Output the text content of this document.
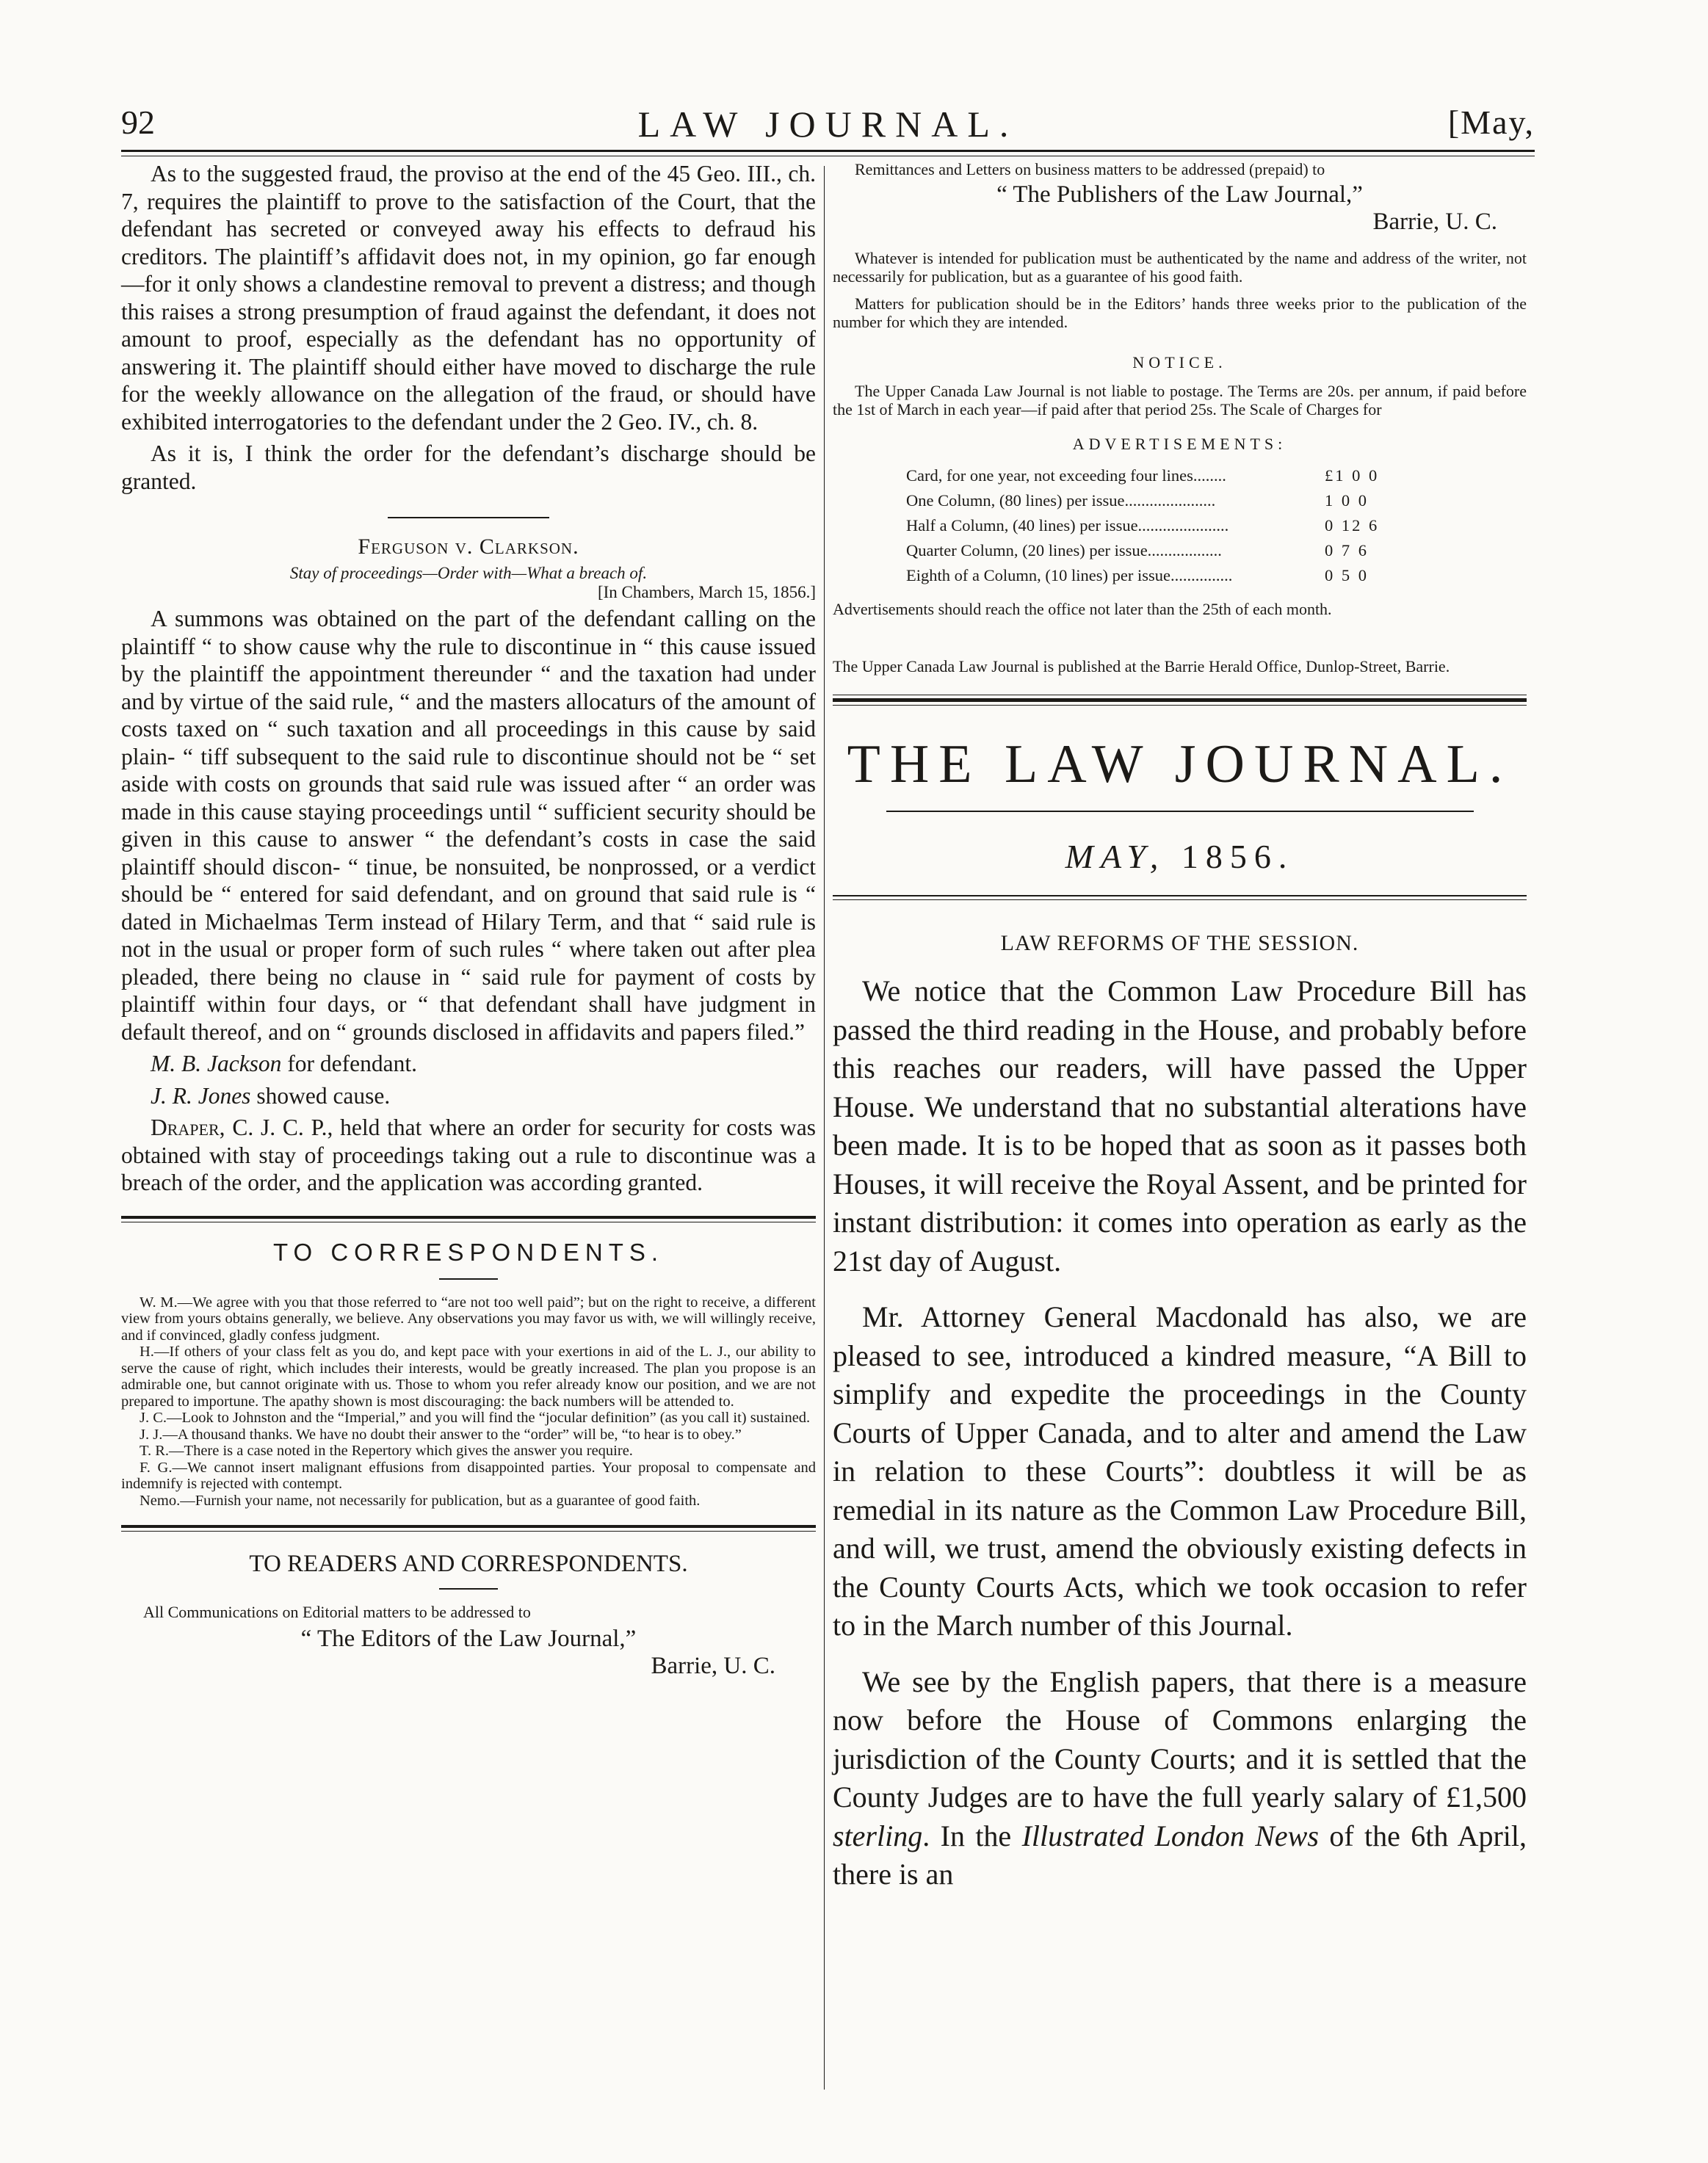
92	LAW JOURNAL.	[May,

As to the suggested fraud, the proviso at the end of the 45 Geo. III., ch. 7, requires the plaintiff to prove to the satisfaction of the Court, that the defendant has secreted or conveyed away his effects to defraud his creditors. The plaintiff’s affidavit does not, in my opinion, go far enough—for it only shows a clandestine removal to prevent a distress; and though this raises a strong presumption of fraud against the defendant, it does not amount to proof, especially as the defendant has no opportunity of answering it. The plaintiff should either have moved to discharge the rule for the weekly allowance on the allegation of the fraud, or should have exhibited interrogatories to the defendant under the 2 Geo. IV., ch. 8.

As it is, I think the order for the defendant’s discharge should be granted.

Ferguson v. Clarkson.

Stay of proceedings—Order with—What a breach of.

[In Chambers, March 15, 1856.]

A summons was obtained on the part of the defendant calling on the plaintiff “ to show cause why the rule to discontinue in “ this cause issued by the plaintiff the appointment thereunder “ and the taxation had under and by virtue of the said rule, “ and the masters allocaturs of the amount of costs taxed on “ such taxation and all proceedings in this cause by said plain- “ tiff subsequent to the said rule to discontinue should not be “ set aside with costs on grounds that said rule was issued after “ an order was made in this cause staying proceedings until “ sufficient security should be given in this cause to answer “ the defendant’s costs in case the said plaintiff should discon- “ tinue, be nonsuited, be nonprossed, or a verdict should be “ entered for said defendant, and on ground that said rule is “ dated in Michaelmas Term instead of Hilary Term, and that “ said rule is not in the usual or proper form of such rules “ where taken out after plea pleaded, there being no clause in “ said rule for payment of costs by plaintiff within four days, or “ that defendant shall have judgment in default thereof, and on “ grounds disclosed in affidavits and papers filed.”

M. B. Jackson for defendant.

J. R. Jones showed cause.

Draper, C. J. C. P., held that where an order for security for costs was obtained with stay of proceedings taking out a rule to discontinue was a breach of the order, and the application was according granted.

TO CORRESPONDENTS.

W. M.—We agree with you that those referred to “are not too well paid”; but on the right to receive, a different view from yours obtains generally, we believe. Any observations you may favor us with, we will willingly receive, and if convinced, gladly confess judgment.

H.—If others of your class felt as you do, and kept pace with your exertions in aid of the L. J., our ability to serve the cause of right, which includes their interests, would be greatly increased. The plan you propose is an admirable one, but cannot originate with us. Those to whom you refer already know our position, and we are not prepared to importune. The apathy shown is most discouraging: the back numbers will be attended to.

J. C.—Look to Johnston and the “Imperial,” and you will find the “jocular definition” (as you call it) sustained.

J. J.—A thousand thanks. We have no doubt their answer to the “order” will be, “to hear is to obey.”

T. R.—There is a case noted in the Repertory which gives the answer you require.

F. G.—We cannot insert malignant effusions from disappointed parties. Your proposal to compensate and indemnify is rejected with contempt.

Nemo.—Furnish your name, not necessarily for publication, but as a guarantee of good faith.

TO READERS AND CORRESPONDENTS.

All Communications on Editorial matters to be addressed to

“ The Editors of the Law Journal,”

Barrie, U. C.

Remittances and Letters on business matters to be addressed (prepaid) to

“ The Publishers of the Law Journal,”

Barrie, U. C.

Whatever is intended for publication must be authenticated by the name and address of the writer, not necessarily for publication, but as a guarantee of his good faith.

Matters for publication should be in the Editors’ hands three weeks prior to the publication of the number for which they are intended.

NOTICE.

The Upper Canada Law Journal is not liable to postage. The Terms are 20s. per annum, if paid before the 1st of March in each year—if paid after that period 25s. The Scale of Charges for

ADVERTISEMENTS:

Card, for one year, not exceeding four lines........	£1 0 0
One Column, (80 lines) per issue......................	1 0 0
Half a Column, (40 lines) per issue......................	0 12 6
Quarter Column, (20 lines) per issue..................	0 7 6
Eighth of a Column, (10 lines) per issue...............	0 5 0

Advertisements should reach the office not later than the 25th of each month.

The Upper Canada Law Journal is published at the Barrie Herald Office, Dunlop-Street, Barrie.

THE LAW JOURNAL.

MAY, 1856.

LAW REFORMS OF THE SESSION.

We notice that the Common Law Procedure Bill has passed the third reading in the House, and probably before this reaches our readers, will have passed the Upper House. We understand that no substantial alterations have been made. It is to be hoped that as soon as it passes both Houses, it will receive the Royal Assent, and be printed for instant distribution: it comes into operation as early as the 21st day of August.

Mr. Attorney General Macdonald has also, we are pleased to see, introduced a kindred measure, “A Bill to simplify and expedite the proceedings in the County Courts of Upper Canada, and to alter and amend the Law in relation to these Courts”: doubtless it will be as remedial in its nature as the Common Law Procedure Bill, and will, we trust, amend the obviously existing defects in the County Courts Acts, which we took occasion to refer to in the March number of this Journal.

We see by the English papers, that there is a measure now before the House of Commons enlarging the jurisdiction of the County Courts; and it is settled that the County Judges are to have the full yearly salary of £1,500 sterling. In the Illustrated London News of the 6th April, there is an
